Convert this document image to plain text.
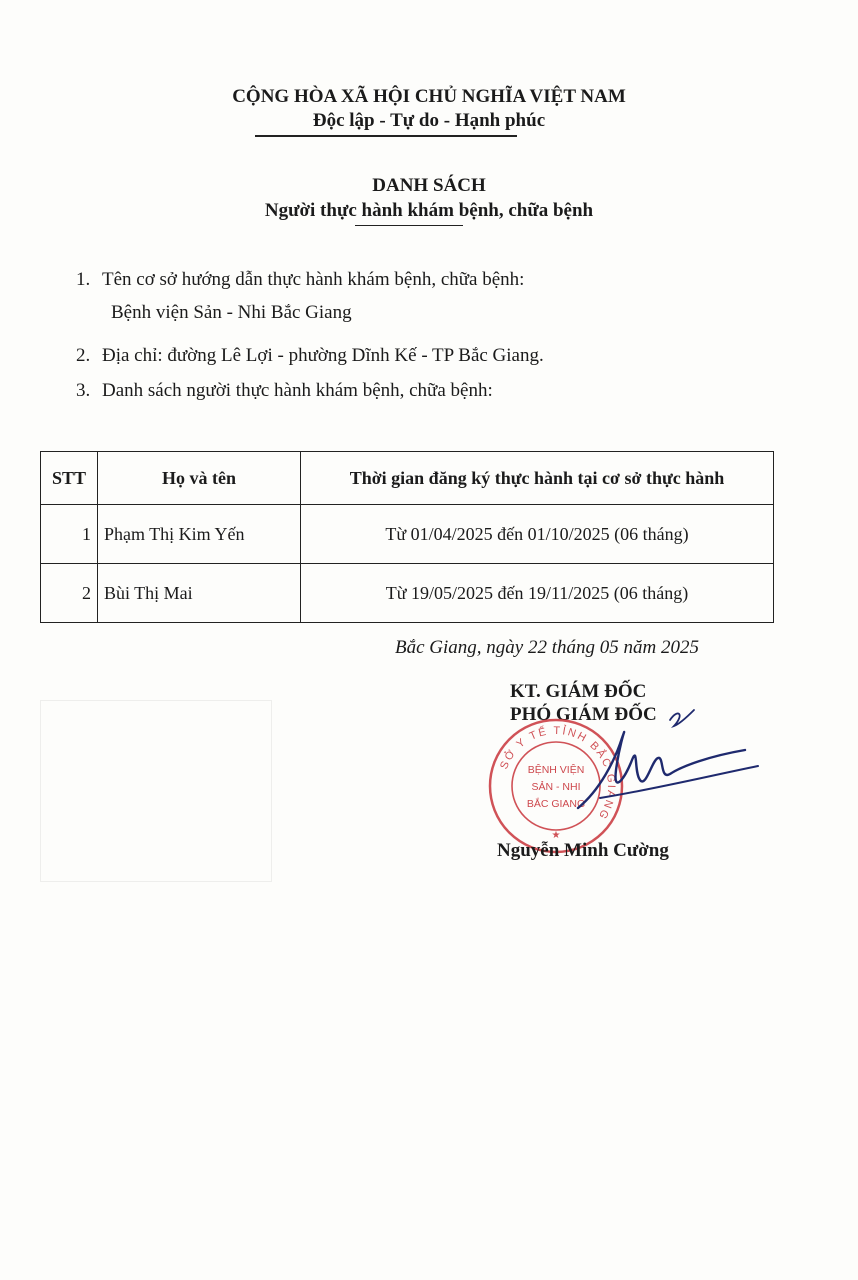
CỘNG HÒA XÃ HỘI CHỦ NGHĨA VIỆT NAM
Độc lập - Tự do - Hạnh phúc
DANH SÁCH
Người thực hành khám bệnh, chữa bệnh
1. Tên cơ sở hướng dẫn thực hành khám bệnh, chữa bệnh:
Bệnh viện Sản - Nhi Bắc Giang
2. Địa chỉ: đường Lê Lợi - phường Dĩnh Kế - TP Bắc Giang.
3. Danh sách người thực hành khám bệnh, chữa bệnh:
STT	Họ và tên	Thời gian đăng ký thực hành tại cơ sở thực hành
1	Phạm Thị Kim Yến	Từ 01/04/2025 đến 01/10/2025 (06 tháng)
2	Bùi Thị Mai	Từ 19/05/2025 đến 19/11/2025 (06 tháng)
Bắc Giang, ngày 22 tháng 05 năm 2025
KT. GIÁM ĐỐC
PHÓ GIÁM ĐỐC
SỞ Y TẾ TỈNH BẮC GIANG
BỆNH VIỆN
SẢN - NHI
BẮC GIANG
★
Nguyễn Minh Cường
